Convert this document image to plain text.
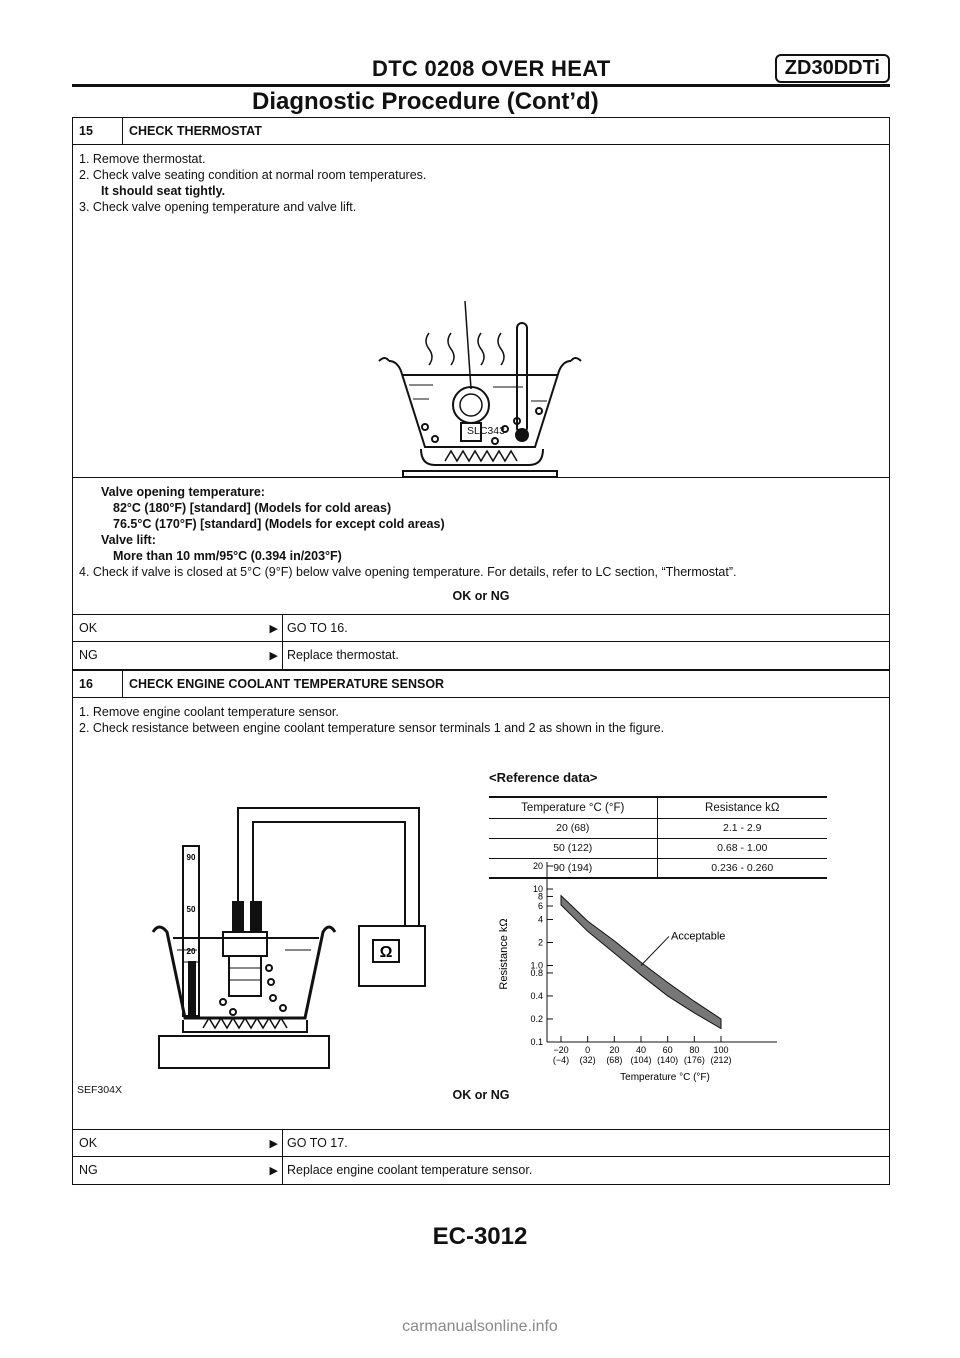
DTC 0208 OVER HEAT	ZD30DDTi
Diagnostic Procedure (Cont’d)
15	CHECK THERMOSTAT
1. Remove thermostat.
2. Check valve seating condition at normal room temperatures.
It should seat tightly.
3. Check valve opening temperature and valve lift.
SLC343
Valve opening temperature:
82°C (180°F) [standard] (Models for cold areas)
76.5°C (170°F) [standard] (Models for except cold areas)
Valve lift:
More than 10 mm/95°C (0.394 in/203°F)
4. Check if valve is closed at 5°C (9°F) below valve opening temperature. For details, refer to LC section, “Thermostat”.
OK or NG
OK	▶ GO TO 16.
NG	▶ Replace thermostat.
16	CHECK ENGINE COOLANT TEMPERATURE SENSOR
1. Remove engine coolant temperature sensor.
2. Check resistance between engine coolant temperature sensor terminals 1 and 2 as shown in the figure.
<Reference data>
Temperature °C (°F)	Resistance kΩ
20 (68)	2.1 - 2.9
50 (122)	0.68 - 1.00
90 (194)	0.236 - 0.260
90
50
20	Ω
20
10
8
6
4
2
1.0
0.8
0.4
0.2
0.1
−20
(−4)
0
(32)
20
(68)
40
(104)
60
(140)
80
(176)
100
(212)
Acceptable
Temperature °C (°F)
Resistance kΩ
SEF304X	OK or NG
OK	▶ GO TO 17.
NG	▶ Replace engine coolant temperature sensor.
EC-3012
carmanualsonline.info
